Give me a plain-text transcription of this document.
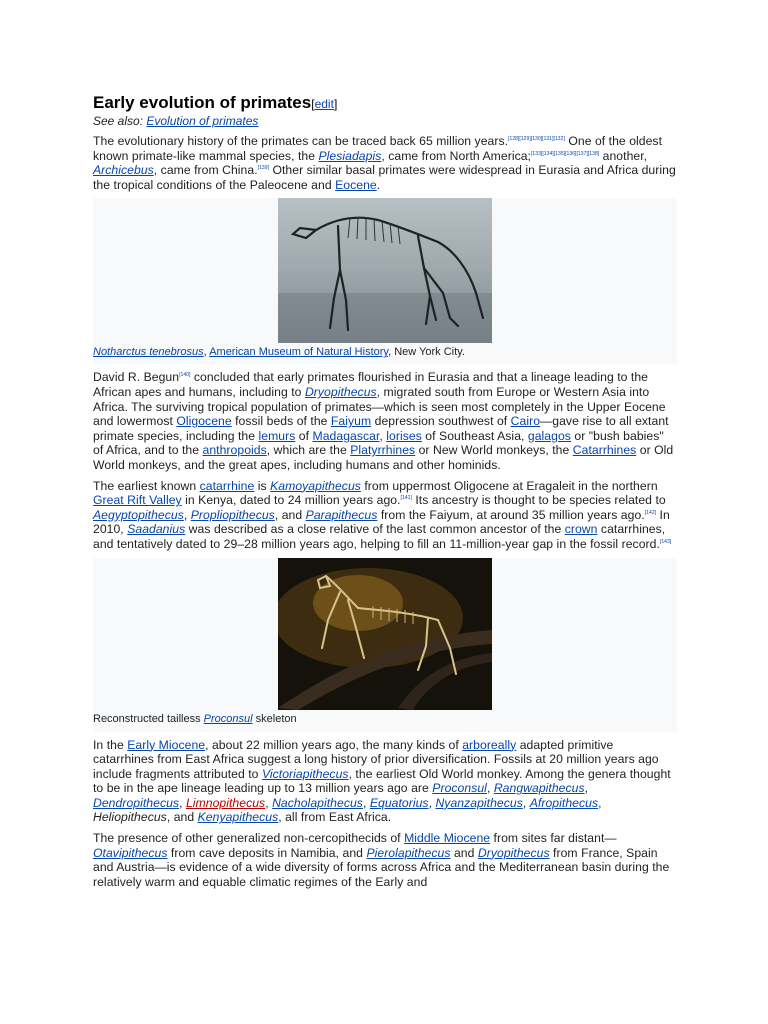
Early evolution of primates[edit]
See also: Evolution of primates

The evolutionary history of the primates can be traced back 65 million years.[128][129][130][131][132] One of the oldest known primate-like mammal species, the Plesiadapis, came from North America;[133][134][135][136][137][138] another, Archicebus, came from China.[139] Other similar basal primates were widespread in Eurasia and Africa during the tropical conditions of the Paleocene and Eocene.

Notharctus tenebrosus, American Museum of Natural History, New York City.

David R. Begun[140] concluded that early primates flourished in Eurasia and that a lineage leading to the African apes and humans, including to Dryopithecus, migrated south from Europe or Western Asia into Africa. The surviving tropical population of primates—which is seen most completely in the Upper Eocene and lowermost Oligocene fossil beds of the Faiyum depression southwest of Cairo—gave rise to all extant primate species, including the lemurs of Madagascar, lorises of Southeast Asia, galagos or "bush babies" of Africa, and to the anthropoids, which are the Platyrrhines or New World monkeys, the Catarrhines or Old World monkeys, and the great apes, including humans and other hominids.

The earliest known catarrhine is Kamoyapithecus from uppermost Oligocene at Eragaleit in the northern Great Rift Valley in Kenya, dated to 24 million years ago.[141] Its ancestry is thought to be species related to Aegyptopithecus, Propliopithecus, and Parapithecus from the Faiyum, at around 35 million years ago.[142] In 2010, Saadanius was described as a close relative of the last common ancestor of the crown catarrhines, and tentatively dated to 29–28 million years ago, helping to fill an 11-million-year gap in the fossil record.[143]

Reconstructed tailless Proconsul skeleton

In the Early Miocene, about 22 million years ago, the many kinds of arboreally adapted primitive catarrhines from East Africa suggest a long history of prior diversification. Fossils at 20 million years ago include fragments attributed to Victoriapithecus, the earliest Old World monkey. Among the genera thought to be in the ape lineage leading up to 13 million years ago are Proconsul, Rangwapithecus, Dendropithecus, Limnopithecus, Nacholapithecus, Equatorius, Nyanzapithecus, Afropithecus, Heliopithecus, and Kenyapithecus, all from East Africa.

The presence of other generalized non-cercopithecids of Middle Miocene from sites far distant—Otavipithecus from cave deposits in Namibia, and Pierolapithecus and Dryopithecus from France, Spain and Austria—is evidence of a wide diversity of forms across Africa and the Mediterranean basin during the relatively warm and equable climatic regimes of the Early and
